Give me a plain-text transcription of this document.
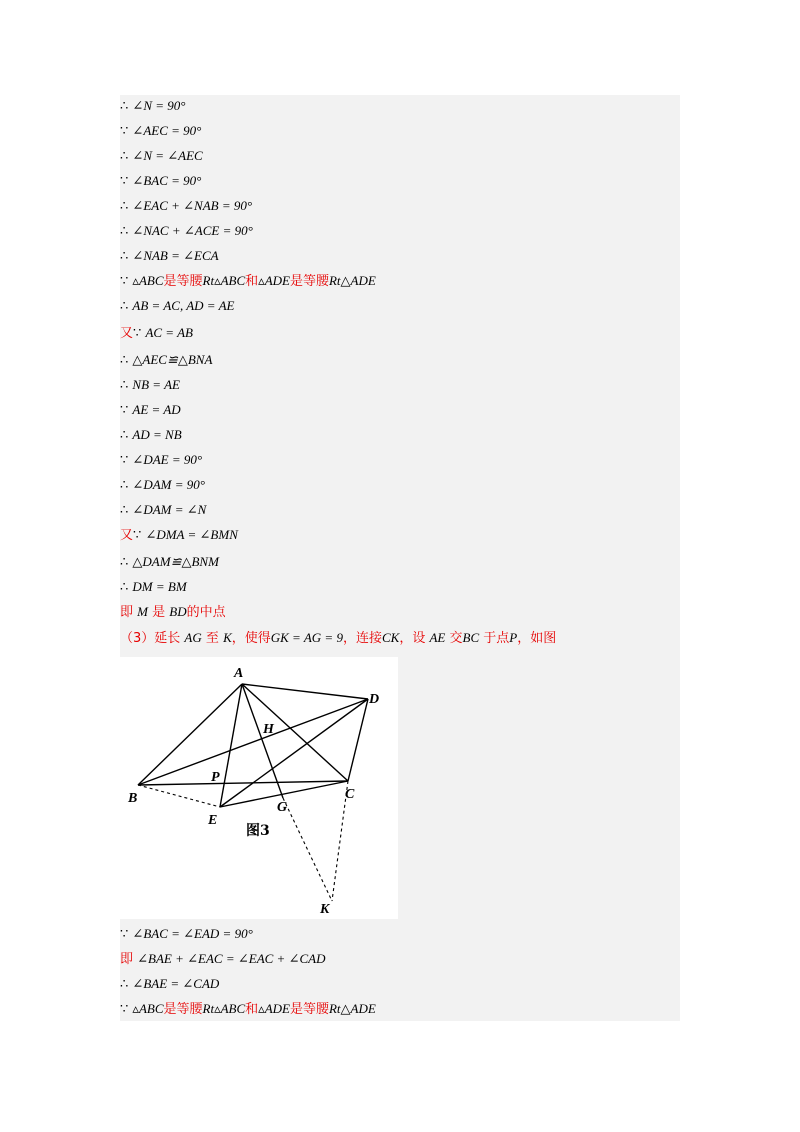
∴ ∠N = 90°
∵ ∠AEC = 90°
∴ ∠N = ∠AEC
∵ ∠BAC = 90°
∴ ∠EAC + ∠NAB = 90°
∴ ∠NAC + ∠ACE = 90°
∴ ∠NAB = ∠ECA
∵ ▵ABC是等腰Rt▵ABC和▵ADE是等腰Rt△ADE
∴ AB = AC, AD = AE
又∵ AC = AB
∴ △AEC≌△BNA
∴ NB = AE
∵ AE = AD
∴ AD = NB
∵ ∠DAE = 90°
∴ ∠DAM = 90°
∴ ∠DAM = ∠N
又∵ ∠DMA = ∠BMN
∴ △DAM≌△BNM
∴ DM = BM
即 M 是 BD的中点
（3）延长 AG 至 K，使得GK = AG = 9，连接CK，设 AE 交BC 于点P，如图
∵ ∠BAC = ∠EAD = 90°
即 ∠BAE + ∠EAC = ∠EAC + ∠CAD
∴ ∠BAE = ∠CAD
∵ ▵ABC是等腰Rt▵ABC和▵ADE是等腰Rt△ADE
A
B	C
D
E
G
H
K
P
图3
